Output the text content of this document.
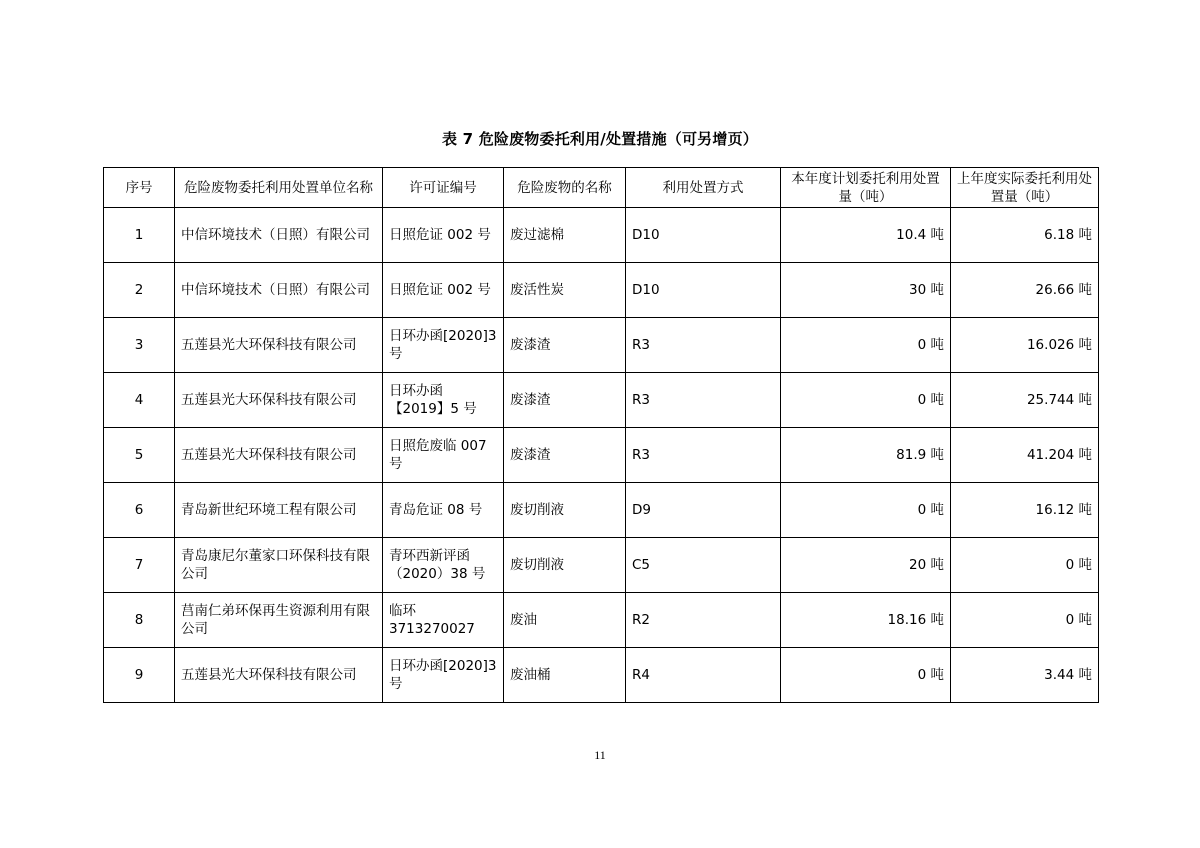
表 7 危险废物委托利用/处置措施（可另增页）
序号	危险废物委托利用处置单位名称	许可证编号	危险废物的名称	利用处置方式	本年度计划委托利用处置量（吨）	上年度实际委托利用处置量（吨）
1	中信环境技术（日照）有限公司	日照危证 002 号	废过滤棉	D10	10.4 吨	6.18 吨
2	中信环境技术（日照）有限公司	日照危证 002 号	废活性炭	D10	30 吨	26.66 吨
3	五莲县光大环保科技有限公司	日环办函[2020]3 号	废漆渣	R3	0 吨	16.026 吨
4	五莲县光大环保科技有限公司	日环办函【2019】5 号	废漆渣	R3	0 吨	25.744 吨
5	五莲县光大环保科技有限公司	日照危废临 007 号	废漆渣	R3	81.9 吨	41.204 吨
6	青岛新世纪环境工程有限公司	青岛危证 08 号	废切削液	D9	0 吨	16.12 吨
7	青岛康尼尔董家口环保科技有限公司	青环西新评函（2020）38 号	废切削液	C5	20 吨	0 吨
8	莒南仁弟环保再生资源利用有限公司	临环 3713270027	废油	R2	18.16 吨	0 吨
9	五莲县光大环保科技有限公司	日环办函[2020]3 号	废油桶	R4	0 吨	3.44 吨
11
